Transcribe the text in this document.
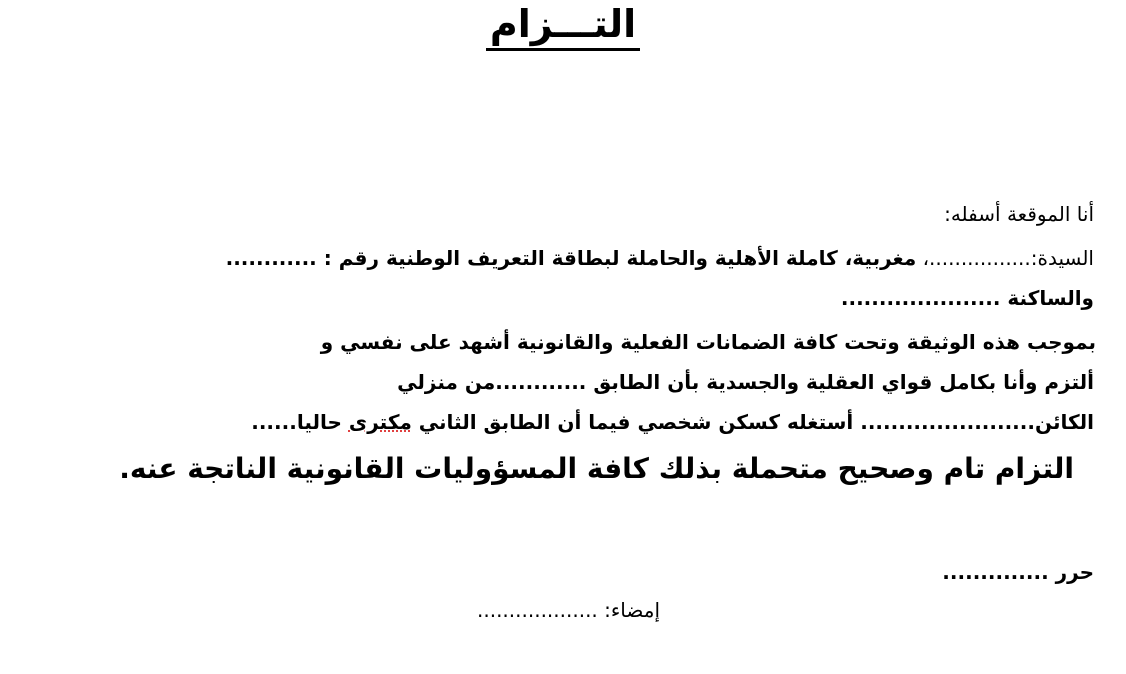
التـــزام
أنا الموقعة أسفله:
السيدة:................، مغربية، كاملة الأهلية والحاملة لبطاقة التعريف الوطنية رقم : ............
والساكنة .....................
بموجب هذه الوثيقة وتحت كافة الضمانات الفعلية والقانونية أشهد على نفسي و
ألتزم وأنا بكامل قواي العقلية والجسدية بأن الطابق ............من منزلي
الكائن....................... أستغله كسكن شخصي فيما أن الطابق الثاني مكترى حاليا......
التزام تام وصحيح متحملة بذلك كافة المسؤوليات القانونية الناتجة عنه.
حرر ..............
إمضاء: ...................
